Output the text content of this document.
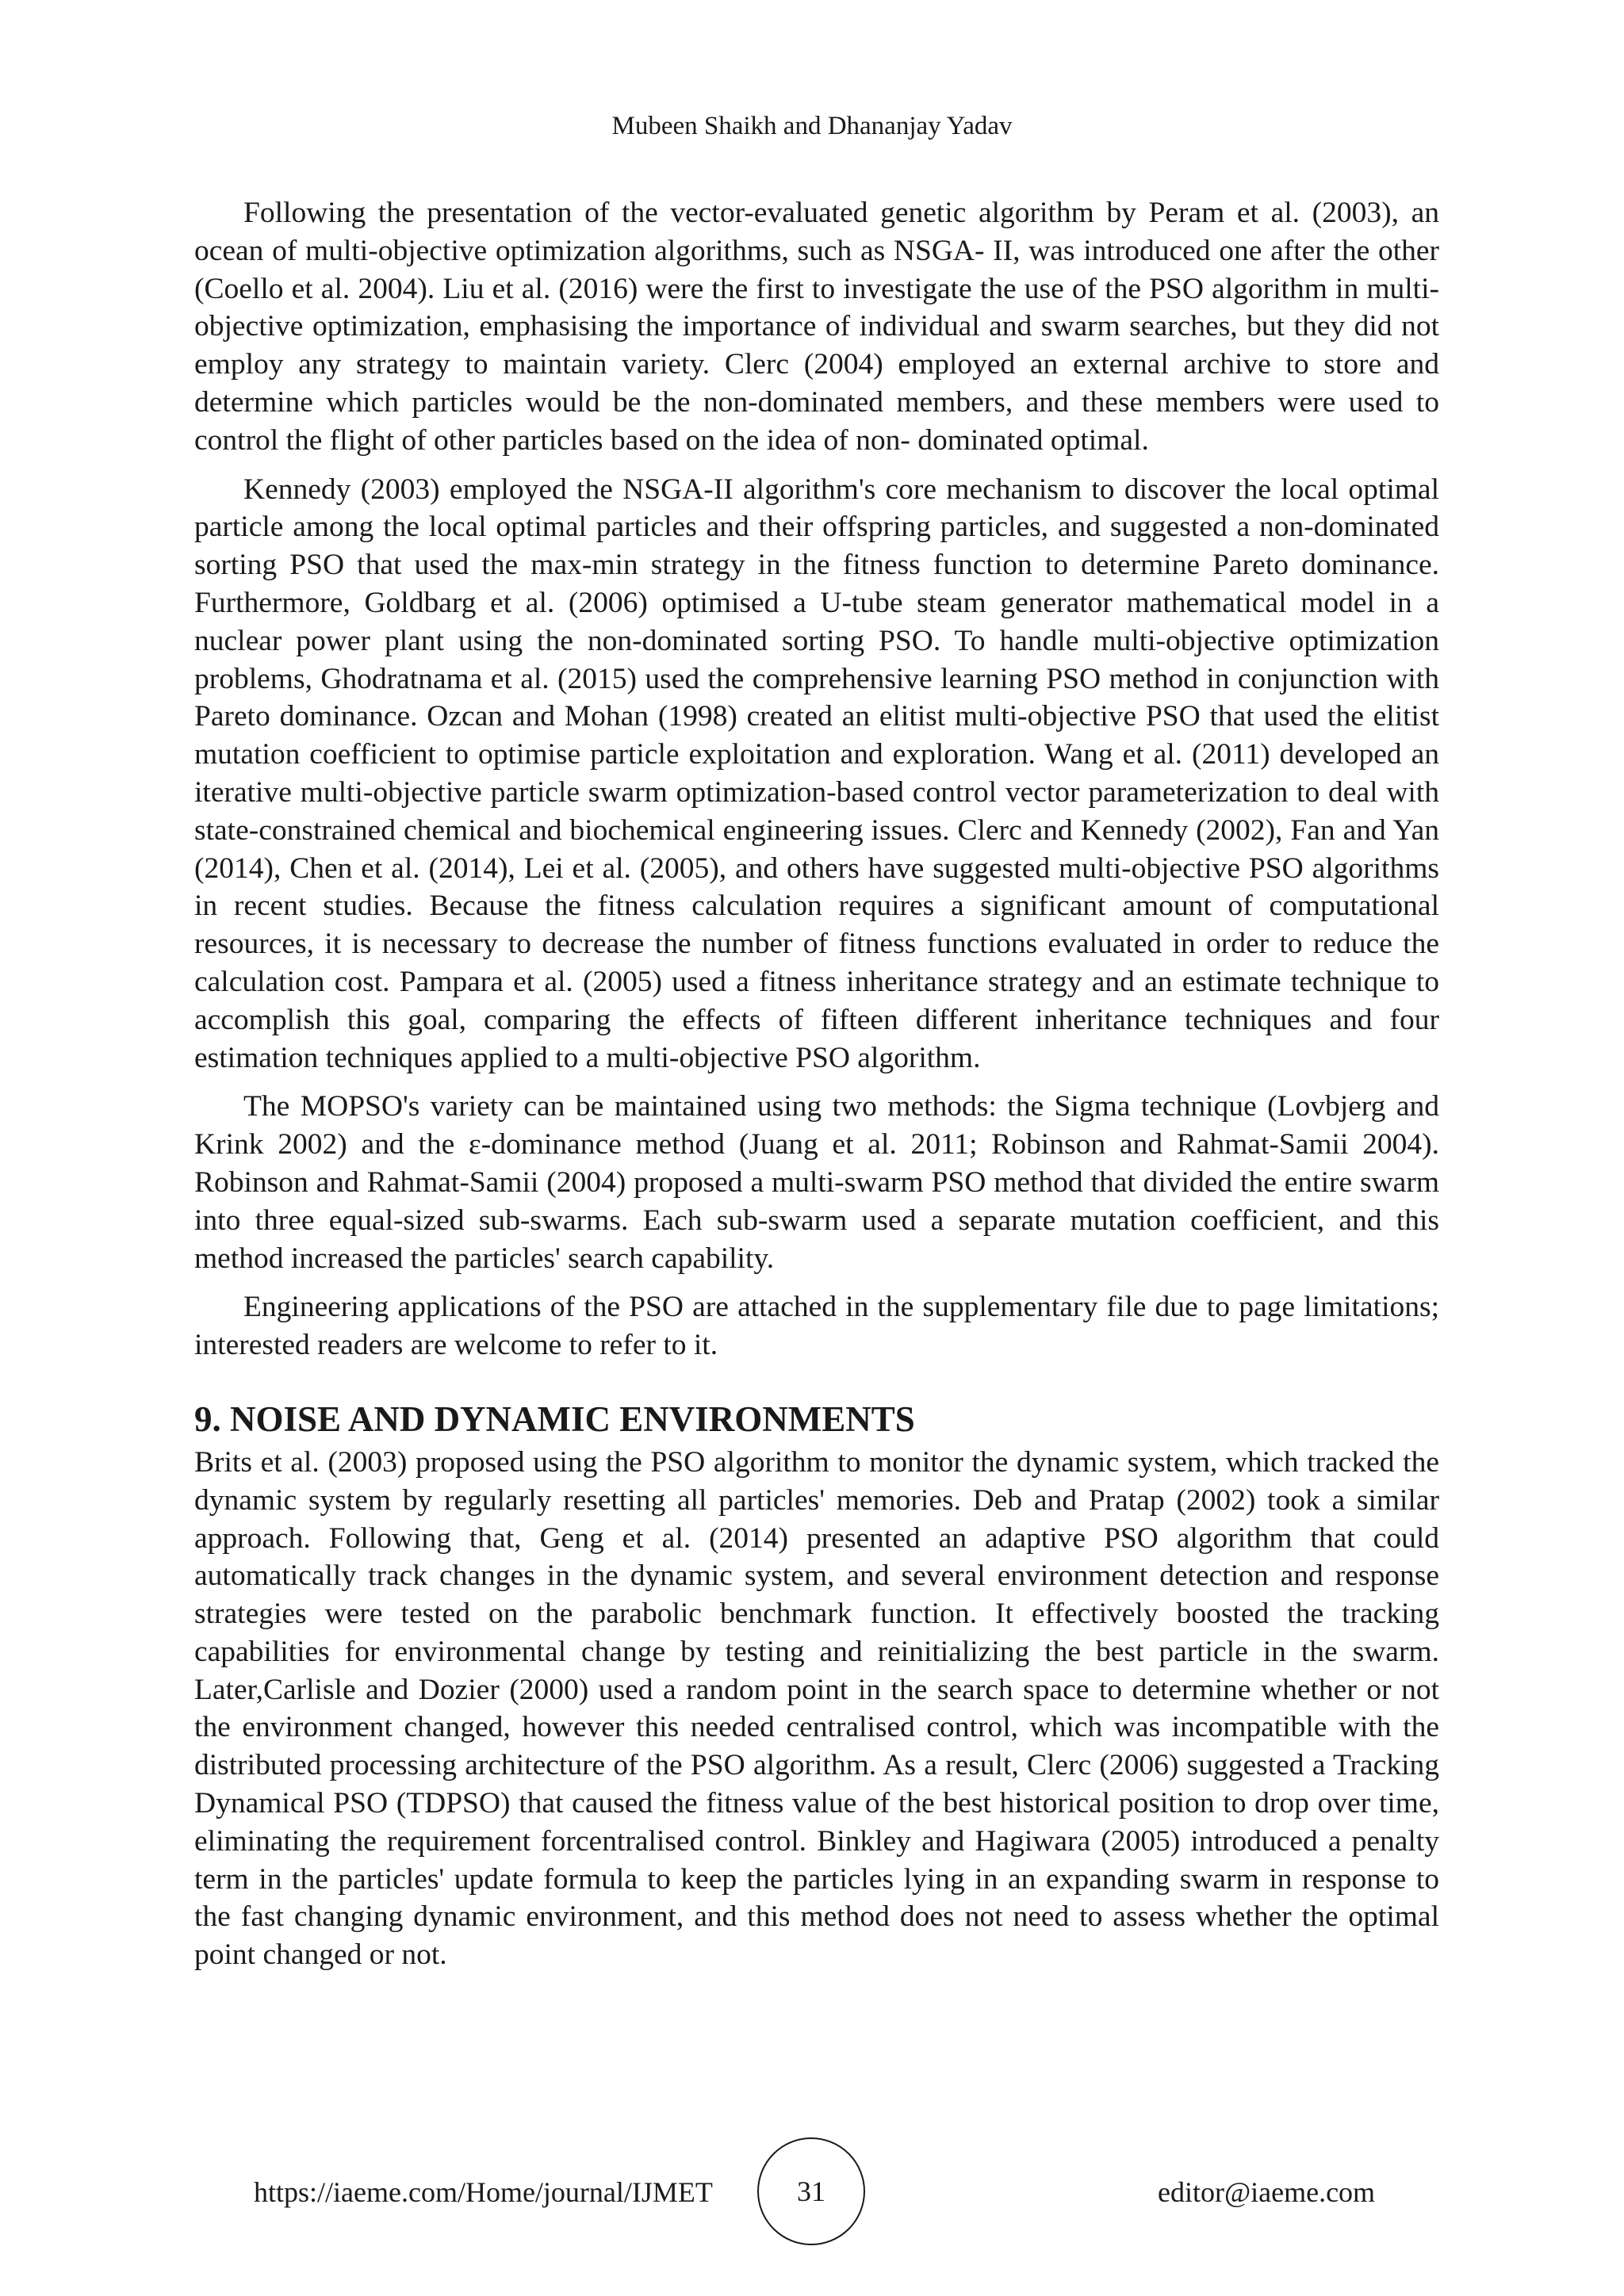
Mubeen Shaikh and Dhananjay Yadav

Following the presentation of the vector-evaluated genetic algorithm by Peram et al. (2003), an ocean of multi-objective optimization algorithms, such as NSGA- II, was introduced one after the other (Coello et al. 2004). Liu et al. (2016) were the first to investigate the use of the PSO algorithm in multi-objective optimization, emphasising the importance of individual and swarm searches, but they did not employ any strategy to maintain variety. Clerc (2004) employed an external archive to store and determine which particles would be the non-dominated members, and these members were used to control the flight of other particles based on the idea of non- dominated optimal.

Kennedy (2003) employed the NSGA-II algorithm's core mechanism to discover the local optimal particle among the local optimal particles and their offspring particles, and suggested a non-dominated sorting PSO that used the max-min strategy in the fitness function to determine Pareto dominance. Furthermore, Goldbarg et al. (2006) optimised a U-tube steam generator mathematical model in a nuclear power plant using the non-dominated sorting PSO. To handle multi-objective optimization problems, Ghodratnama et al. (2015) used the comprehensive learning PSO method in conjunction with Pareto dominance. Ozcan and Mohan (1998) created an elitist multi-objective PSO that used the elitist mutation coefficient to optimise particle exploitation and exploration. Wang et al. (2011) developed an iterative multi-objective particle swarm optimization-based control vector parameterization to deal with state-constrained chemical and biochemical engineering issues. Clerc and Kennedy (2002), Fan and Yan (2014), Chen et al. (2014), Lei et al. (2005), and others have suggested multi-objective PSO algorithms in recent studies. Because the fitness calculation requires a significant amount of computational resources, it is necessary to decrease the number of fitness functions evaluated in order to reduce the calculation cost. Pampara et al. (2005) used a fitness inheritance strategy and an estimate technique to accomplish this goal, comparing the effects of fifteen different inheritance techniques and four estimation techniques applied to a multi-objective PSO algorithm.

The MOPSO's variety can be maintained using two methods: the Sigma technique (Lovbjerg and Krink 2002) and the ε-dominance method (Juang et al. 2011; Robinson and Rahmat-Samii 2004). Robinson and Rahmat-Samii (2004) proposed a multi-swarm PSO method that divided the entire swarm into three equal-sized sub-swarms. Each sub-swarm used a separate mutation coefficient, and this method increased the particles' search capability.

Engineering applications of the PSO are attached in the supplementary file due to page limitations; interested readers are welcome to refer to it.

9. NOISE AND DYNAMIC ENVIRONMENTS

Brits et al. (2003) proposed using the PSO algorithm to monitor the dynamic system, which tracked the dynamic system by regularly resetting all particles' memories. Deb and Pratap (2002) took a similar approach. Following that, Geng et al. (2014) presented an adaptive PSO algorithm that could automatically track changes in the dynamic system, and several environment detection and response strategies were tested on the parabolic benchmark function. It effectively boosted the tracking capabilities for environmental change by testing and reinitializing the best particle in the swarm. Later,Carlisle and Dozier (2000) used a random point in the search space to determine whether or not the environment changed, however this needed centralised control, which was incompatible with the distributed processing architecture of the PSO algorithm. As a result, Clerc (2006) suggested a Tracking Dynamical PSO (TDPSO) that caused the fitness value of the best historical position to drop over time, eliminating the requirement forcentralised control. Binkley and Hagiwara (2005) introduced a penalty term in the particles' update formula to keep the particles lying in an expanding swarm in response to the fast changing dynamic environment, and this method does not need to assess whether the optimal point changed or not.

https://iaeme.com/Home/journal/IJMET	31	editor@iaeme.com
